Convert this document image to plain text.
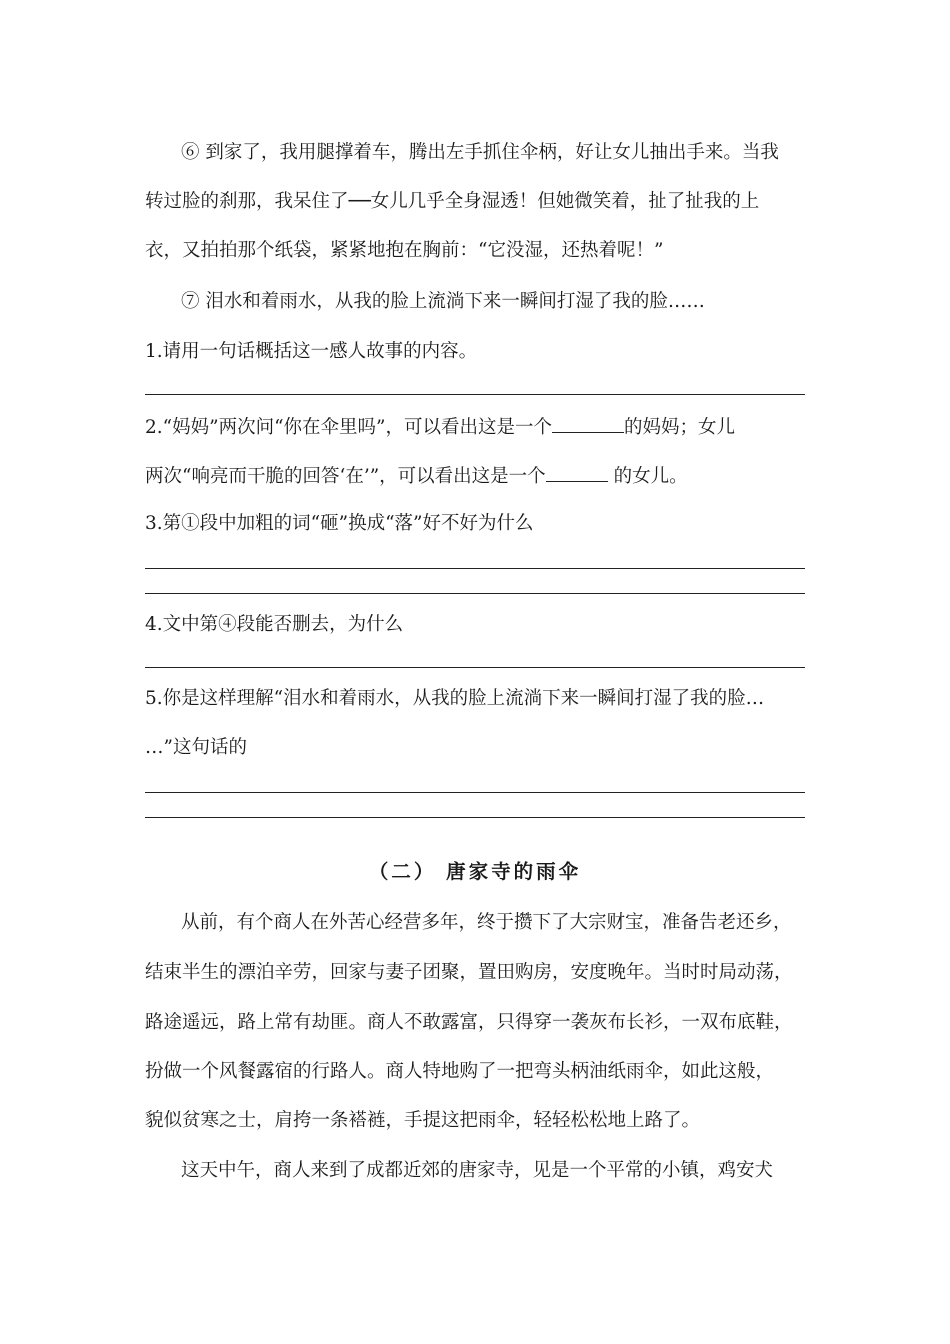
⑥ 到家了，我用腿撑着车，腾出左手抓住伞柄，好让女儿抽出手来。当我
转过脸的刹那，我呆住了──女儿几乎全身湿透！但她微笑着，扯了扯我的上
衣，又拍拍那个纸袋，紧紧地抱在胸前：“它没湿，还热着呢！”
⑦ 泪水和着雨水，从我的脸上流淌下来一瞬间打湿了我的脸……
1.请用一句话概括这一感人故事的内容。
2.“妈妈”两次问“你在伞里吗”，可以看出这是一个	的妈妈；女儿
两次“响亮而干脆的回答‘在’”，可以看出这是一个	的女儿。
3.第①段中加粗的词“砸”换成“落”好不好为什么
4.文中第④段能否删去，为什么
5.你是这样理解“泪水和着雨水，从我的脸上流淌下来一瞬间打湿了我的脸…
…”这句话的
（二） 唐家寺的雨伞
从前，有个商人在外苦心经营多年，终于攒下了大宗财宝，准备告老还乡，
结束半生的漂泊辛劳，回家与妻子团聚，置田购房，安度晚年。当时时局动荡，
路途遥远，路上常有劫匪。商人不敢露富，只得穿一袭灰布长衫，一双布底鞋，
扮做一个风餐露宿的行路人。商人特地购了一把弯头柄油纸雨伞，如此这般，
貌似贫寒之士，肩挎一条褡裢，手提这把雨伞，轻轻松松地上路了。
这天中午，商人来到了成都近郊的唐家寺，见是一个平常的小镇，鸡安犬
